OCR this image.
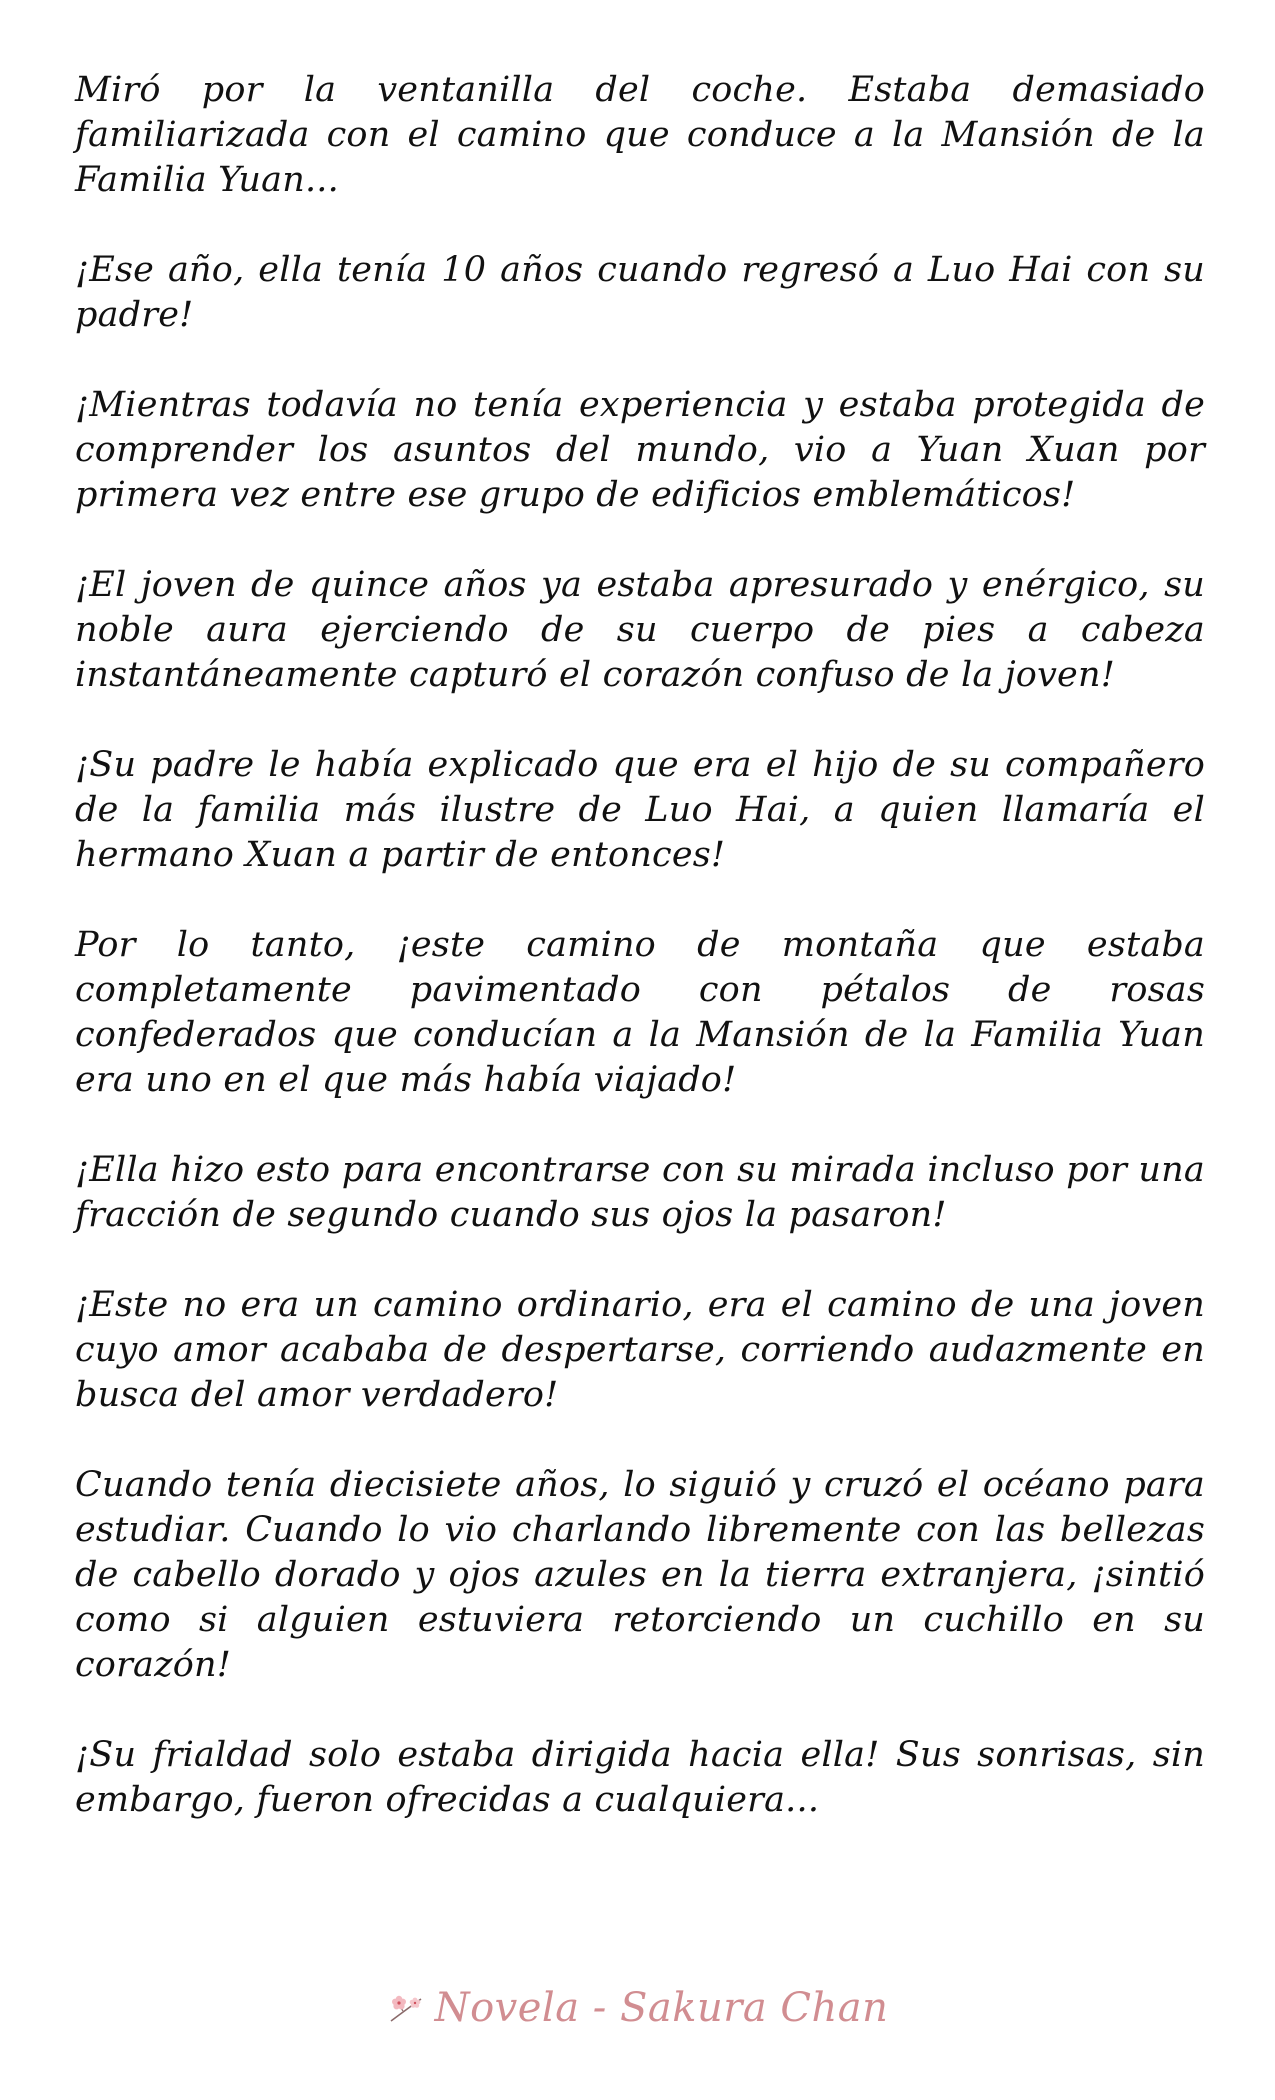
Miró por la ventanilla del coche. Estaba demasiado familiarizada con el camino que conduce a la Mansión de la Familia Yuan...

¡Ese año, ella tenía 10 años cuando regresó a Luo Hai con su padre!

¡Mientras todavía no tenía experiencia y estaba protegida de comprender los asuntos del mundo, vio a Yuan Xuan por primera vez entre ese grupo de edificios emblemáticos!

¡El joven de quince años ya estaba apresurado y enérgico, su noble aura ejerciendo de su cuerpo de pies a cabeza instantáneamente capturó el corazón confuso de la joven!

¡Su padre le había explicado que era el hijo de su compañero de la familia más ilustre de Luo Hai, a quien llamaría el hermano Xuan a partir de entonces!

Por lo tanto, ¡este camino de montaña que estaba completamente pavimentado con pétalos de rosas confederados que conducían a la Mansión de la Familia Yuan era uno en el que más había viajado!

¡Ella hizo esto para encontrarse con su mirada incluso por una fracción de segundo cuando sus ojos la pasaron!

¡Este no era un camino ordinario, era el camino de una joven cuyo amor acababa de despertarse, corriendo audazmente en busca del amor verdadero!

Cuando tenía diecisiete años, lo siguió y cruzó el océano para estudiar. Cuando lo vio charlando libremente con las bellezas de cabello dorado y ojos azules en la tierra extranjera, ¡sintió como si alguien estuviera retorciendo un cuchillo en su corazón!

¡Su frialdad solo estaba dirigida hacia ella! Sus sonrisas, sin embargo, fueron ofrecidas a cualquiera...

Novela - Sakura Chan
